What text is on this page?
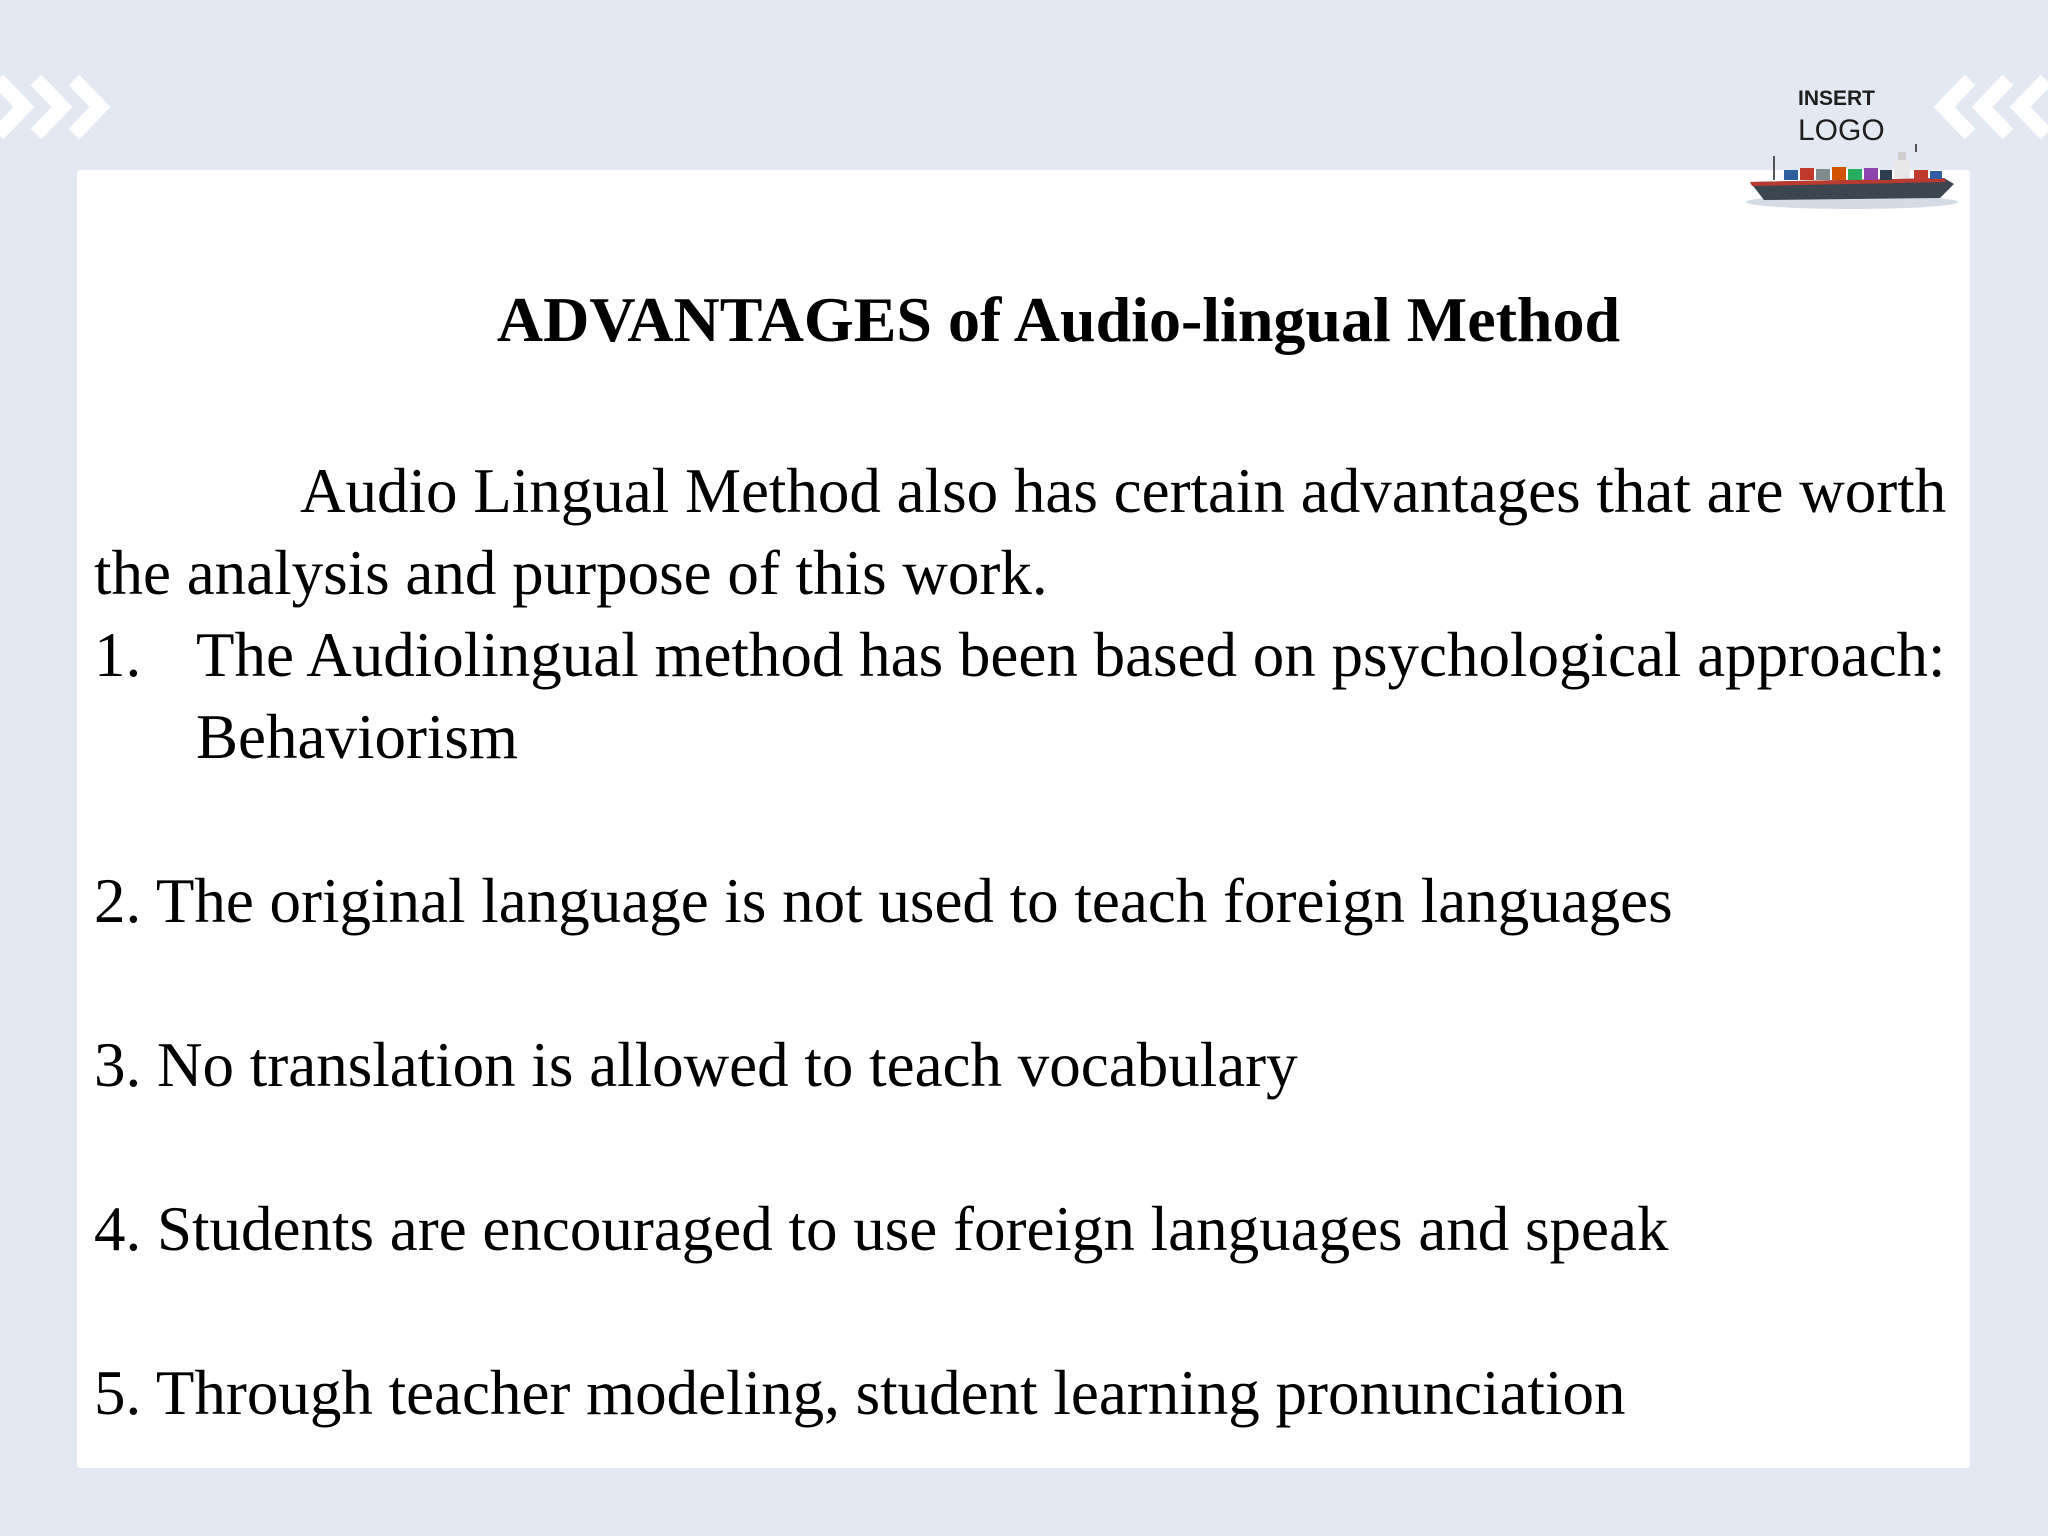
ADVANTAGES of Audio-lingual Method

Audio Lingual Method also has certain advantages that are worth the analysis and purpose of this work.

1. The Audiolingual method has been based on psychological approach: Behaviorism

2. The original language is not used to teach foreign languages

3. No translation is allowed to teach vocabulary

4. Students are encouraged to use foreign languages and speak

5. Through teacher modeling, student learning pronunciation

INSERT
LOGO
